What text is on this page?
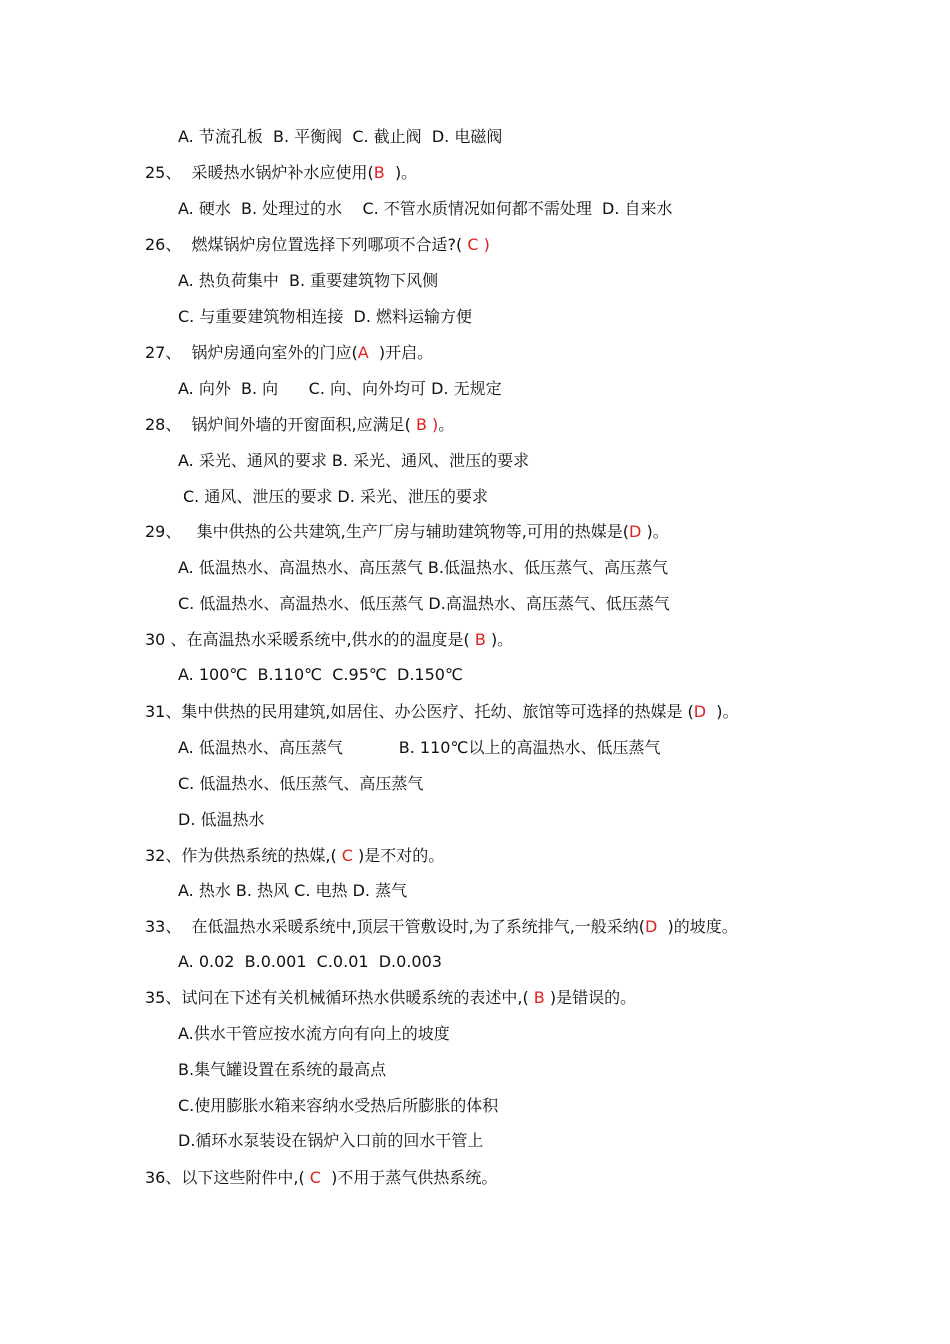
A. 节流孔板  B. 平衡阀  C. 截止阀  D. 电磁阀
25、  采暖热水锅炉补水应使用(B  )。
A. 硬水  B. 处理过的水    C. 不管水质情况如何都不需处理  D. 自来水
26、  燃煤锅炉房位置选择下列哪项不合适?( C )
A. 热负荷集中  B. 重要建筑物下风侧
C. 与重要建筑物相连接  D. 燃料运输方便
27、  锅炉房通向室外的门应(A  )开启。
A. 向外  B. 向      C. 向、向外均可 D. 无规定
28、  锅炉间外墙的开窗面积,应满足( B )。
A. 采光、通风的要求 B. 采光、通风、泄压的要求
C. 通风、泄压的要求 D. 采光、泄压的要求
29、   集中供热的公共建筑,生产厂房与辅助建筑物等,可用的热媒是(D )。
A. 低温热水、高温热水、高压蒸气 B.低温热水、低压蒸气、高压蒸气
C. 低温热水、高温热水、低压蒸气 D.高温热水、高压蒸气、低压蒸气
30 、在高温热水采暖系统中,供水的的温度是( B )。
A. 100℃  B.110℃  C.95℃  D.150℃
31、集中供热的民用建筑,如居住、办公医疗、托幼、旅馆等可选择的热媒是 (D  )。
A. 低温热水、高压蒸气           B. 110℃以上的高温热水、低压蒸气
C. 低温热水、低压蒸气、高压蒸气
D. 低温热水
32、作为供热系统的热媒,( C )是不对的。
A. 热水 B. 热风 C. 电热 D. 蒸气
33、  在低温热水采暖系统中,顶层干管敷设时,为了系统排气,一般采纳(D  )的坡度。
A. 0.02  B.0.001  C.0.01  D.0.003
35、试问在下述有关机械循环热水供暖系统的表述中,( B )是错误的。
A.供水干管应按水流方向有向上的坡度
B.集气罐设置在系统的最高点
C.使用膨胀水箱来容纳水受热后所膨胀的体积
D.循环水泵装设在锅炉入口前的回水干管上
36、以下这些附件中,( C  )不用于蒸气供热系统。
